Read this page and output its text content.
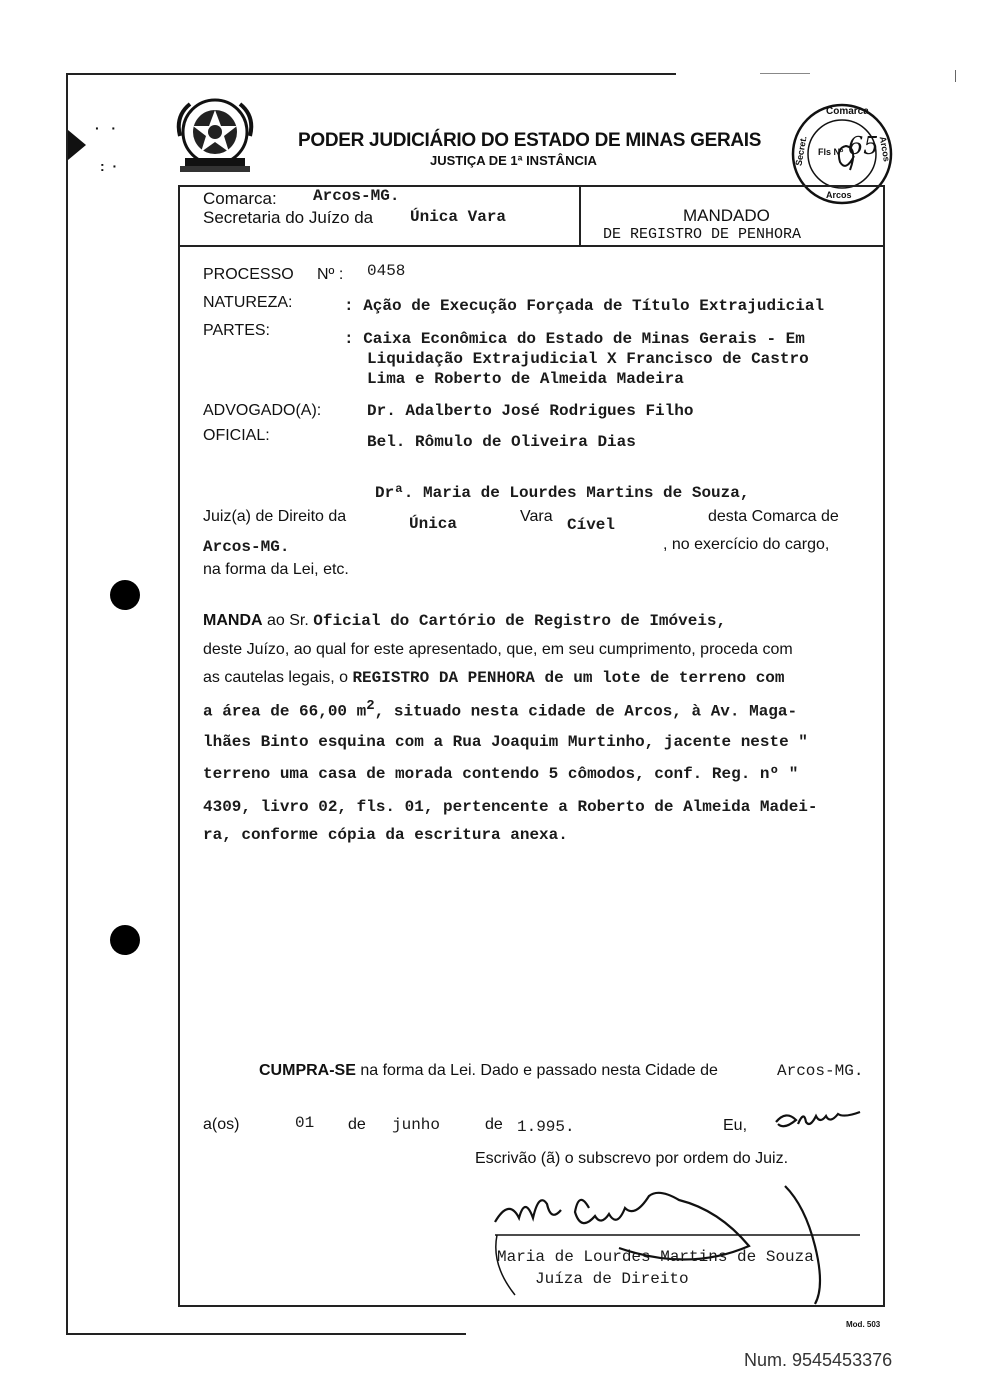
·   ·
:  ·
PODER JUDICIÁRIO DO ESTADO DE MINAS GERAIS
JUSTIÇA DE 1ª INSTÂNCIA
Comarca
Secret.	Arcos
Arcos
Fls Nº 65
Comarca: Arcos-MG.
Secretaria do Juízo da Única Vara	MANDADO
DE REGISTRO DE PENHORA
PROCESSO Nº : 0458
NATUREZA:	: Ação de Execução Forçada de Título Extrajudicial
PARTES:	: Caixa Econômica do Estado de Minas Gerais - Em
Liquidação Extrajudicial X Francisco de Castro
Lima e Roberto de Almeida Madeira
ADVOGADO(A):	Dr. Adalberto José Rodrigues Filho
OFICIAL:	Bel. Rômulo de Oliveira Dias
Drª. Maria de Lourdes Martins de Souza,
Juiz(a) de Direito da	Única	Vara Cível	desta Comarca de
Arcos-MG.	, no exercício do cargo,
na forma da Lei, etc.
MANDA ao Sr. Oficial do Cartório de Registro de Imóveis,
deste Juízo, ao qual for este apresentado, que, em seu cumprimento, proceda com
as cautelas legais, o REGISTRO DA PENHORA de um lote de terreno com
a área de 66,00 $m^2$, situado nesta cidade de Arcos, à Av. Maga-
lhães Binto esquina com a Rua Joaquim Murtinho, jacente neste "
terreno uma casa de morada contendo 5 cômodos, conf. Reg. nº "
4309, livro 02, fls. 01, pertencente a Roberto de Almeida Madei-
ra, conforme cópia da escritura anexa.
CUMPRA-SE na forma da Lei. Dado e passado nesta Cidade de	Arcos-MG.
a(os)	01 de junho	de 1.995.	Eu,
Escrivão (ã) o subscrevo por ordem do Juiz.
Maria de Lourdes Martins de Souza
Juíza de Direito
Mod. 503
Num. 9545453376
